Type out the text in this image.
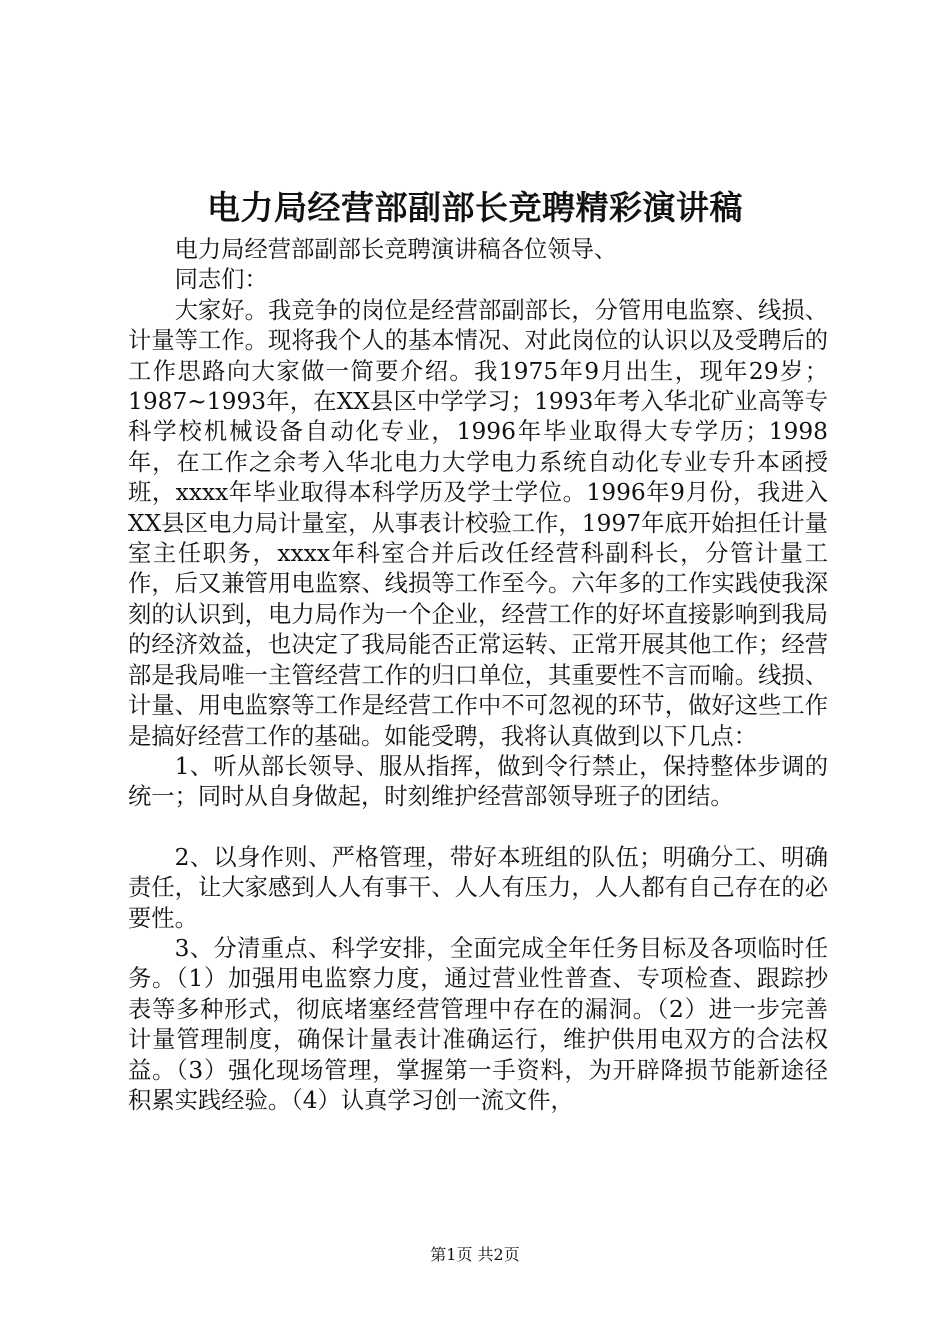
电力局经营部副部长竞聘精彩演讲稿

电力局经营部副部长竞聘演讲稿各位领导、

同志们：

大家好。我竞争的岗位是经营部副部长，分管用电监察、线损、计量等工作。现将我个人的基本情况、对此岗位的认识以及受聘后的工作思路向大家做一简要介绍。我1975年9月出生，现年29岁；1987~1993年，在XX县区中学学习；1993年考入华北矿业高等专科学校机械设备自动化专业，1996年毕业取得大专学历；1998年，在工作之余考入华北电力大学电力系统自动化专业专升本函授班，xxxx年毕业取得本科学历及学士学位。1996年9月份，我进入XX县区电力局计量室，从事表计校验工作，1997年底开始担任计量室主任职务，xxxx年科室合并后改任经营科副科长，分管计量工作，后又兼管用电监察、线损等工作至今。六年多的工作实践使我深刻的认识到，电力局作为一个企业，经营工作的好坏直接影响到我局的经济效益，也决定了我局能否正常运转、正常开展其他工作；经营部是我局唯一主管经营工作的归口单位，其重要性不言而喻。线损、计量、用电监察等工作是经营工作中不可忽视的环节，做好这些工作是搞好经营工作的基础。如能受聘，我将认真做到以下几点：

1、听从部长领导、服从指挥，做到令行禁止，保持整体步调的统一；同时从自身做起，时刻维护经营部领导班子的团结。

2、以身作则、严格管理，带好本班组的队伍；明确分工、明确责任，让大家感到人人有事干、人人有压力，人人都有自己存在的必要性。

3、分清重点、科学安排，全面完成全年任务目标及各项临时任务。（1）加强用电监察力度，通过营业性普查、专项检查、跟踪抄表等多种形式，彻底堵塞经营管理中存在的漏洞。（2）进一步完善计量管理制度，确保计量表计准确运行，维护供用电双方的合法权益。（3）强化现场管理，掌握第一手资料，为开辟降损节能新途径积累实践经验。（4）认真学习创一流文件，

第1页 共2页
